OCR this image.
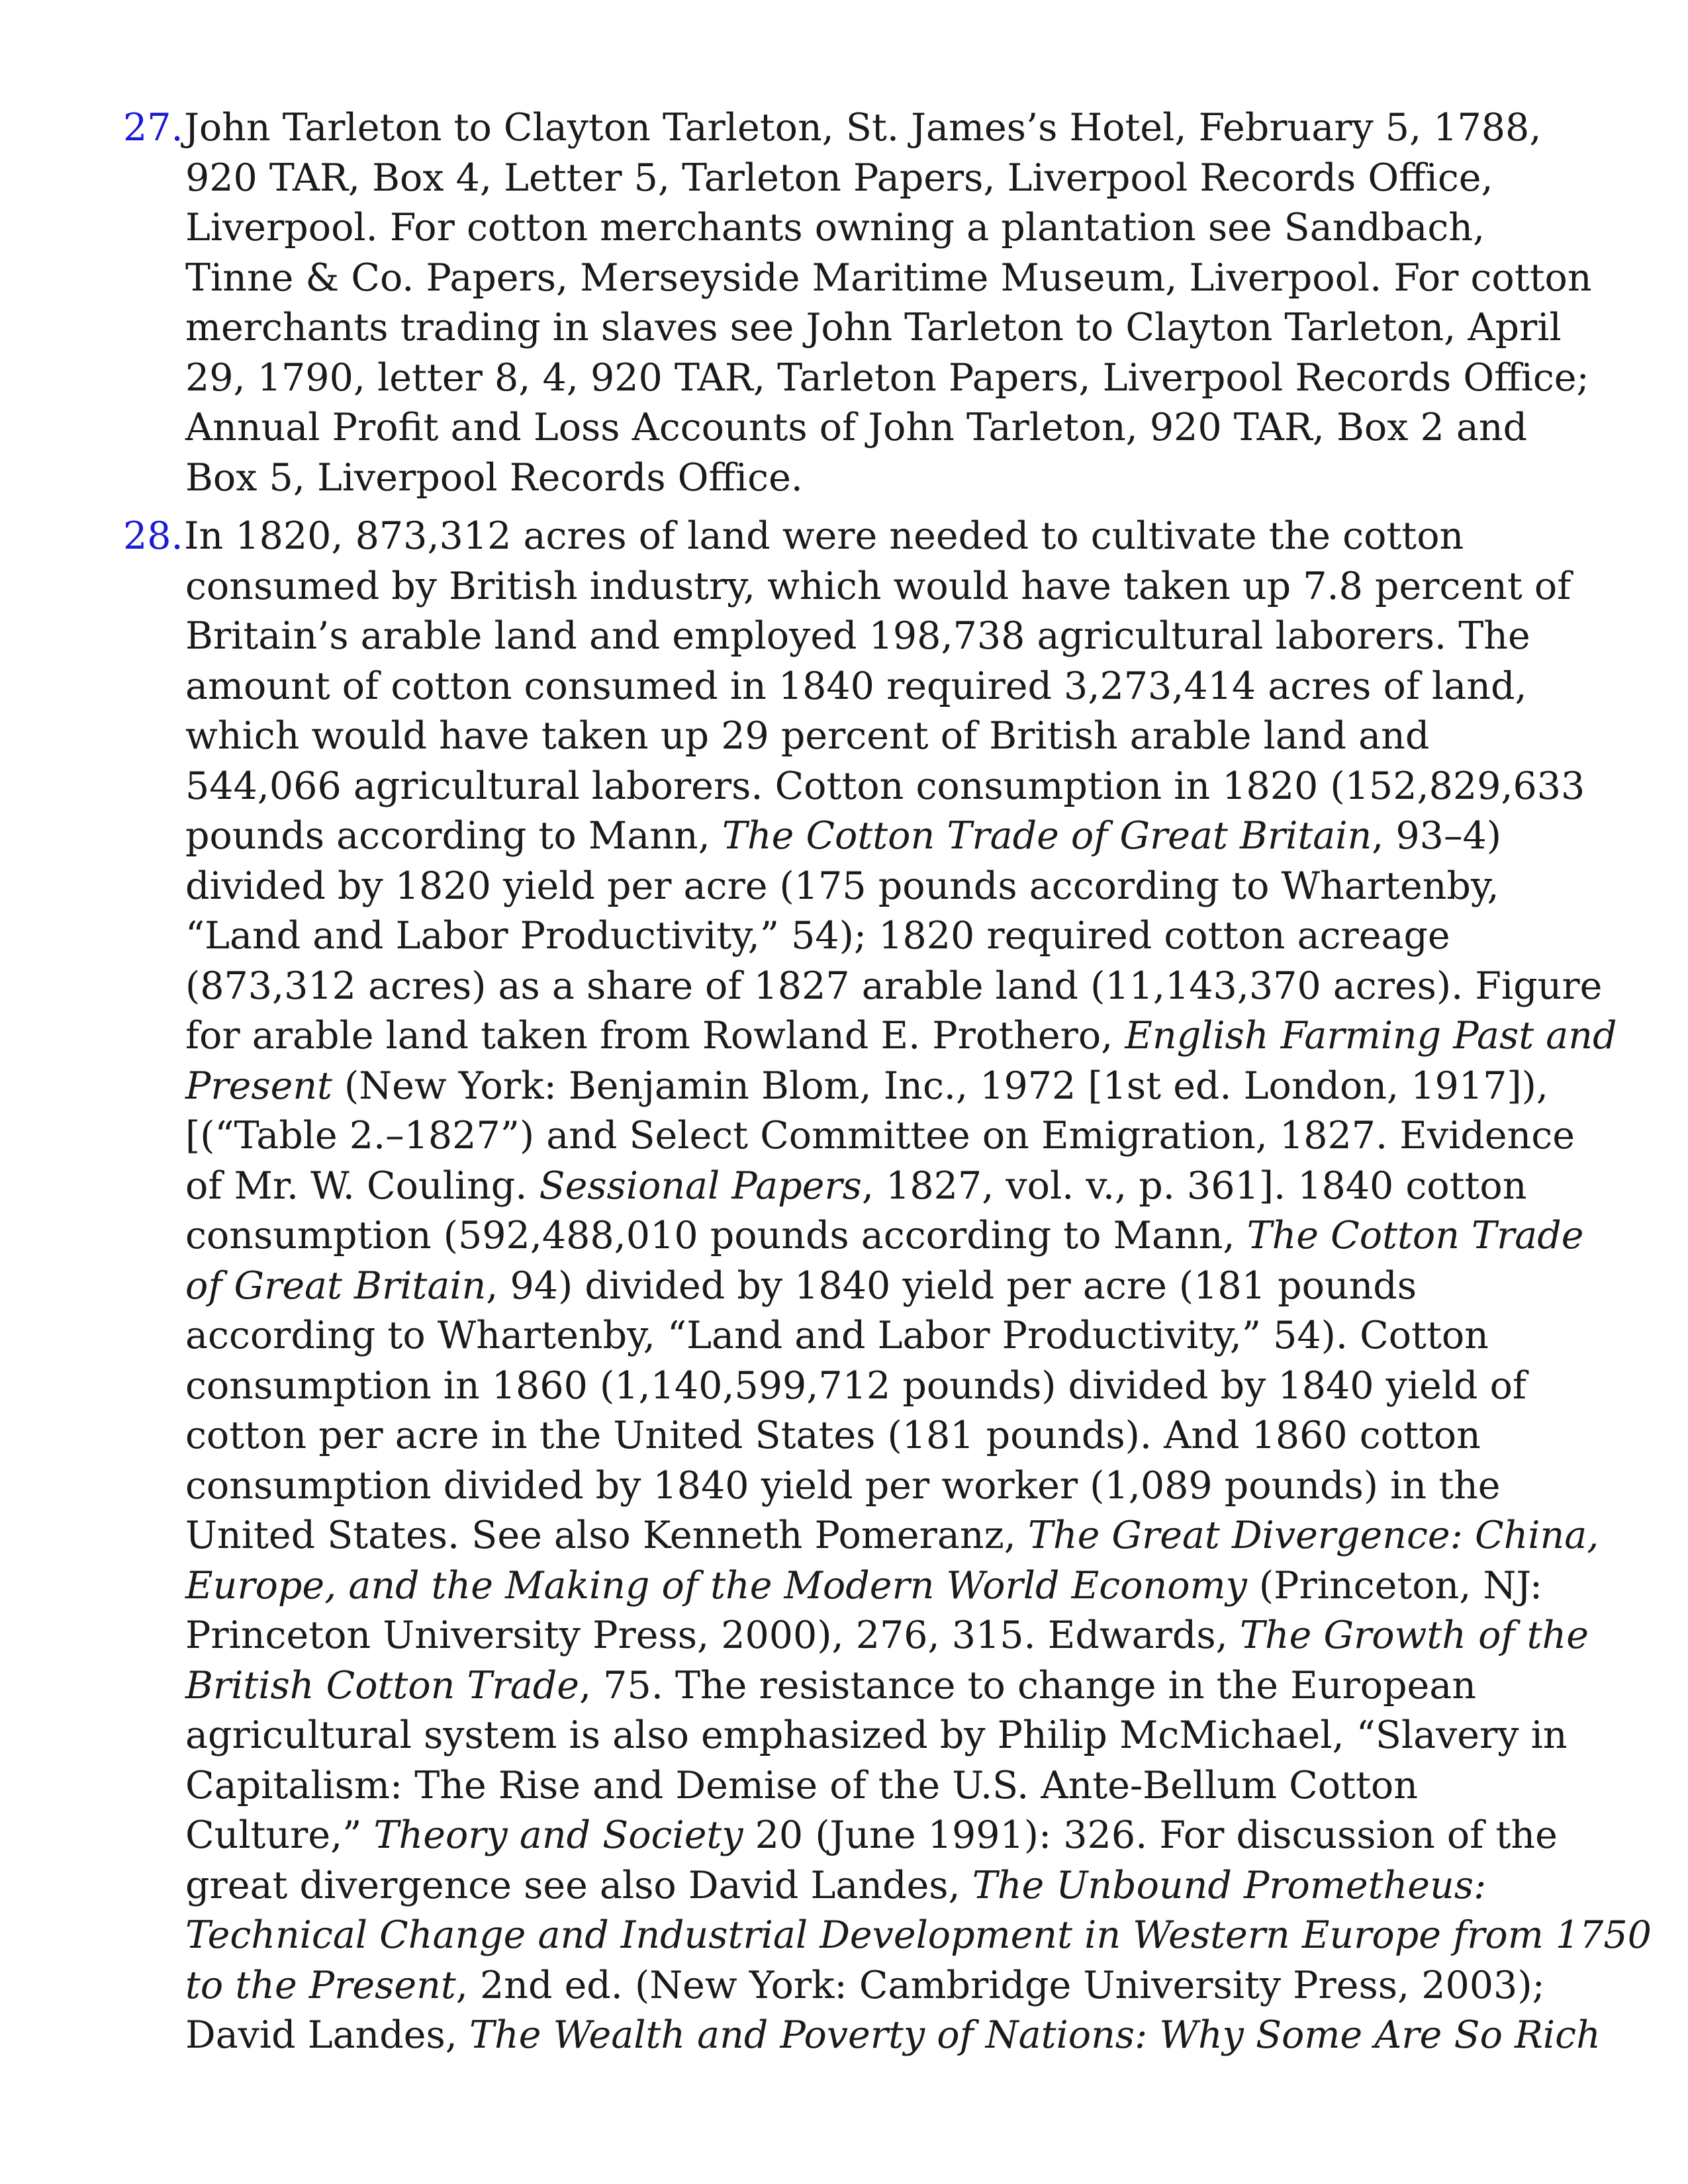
27. John Tarleton to Clayton Tarleton, St. James’s Hotel, February 5, 1788,
920 TAR, Box 4, Letter 5, Tarleton Papers, Liverpool Records Office,
Liverpool. For cotton merchants owning a plantation see Sandbach,
Tinne & Co. Papers, Merseyside Maritime Museum, Liverpool. For cotton
merchants trading in slaves see John Tarleton to Clayton Tarleton, April
29, 1790, letter 8, 4, 920 TAR, Tarleton Papers, Liverpool Records Office;
Annual Profit and Loss Accounts of John Tarleton, 920 TAR, Box 2 and
Box 5, Liverpool Records Office.

28. In 1820, 873,312 acres of land were needed to cultivate the cotton
consumed by British industry, which would have taken up 7.8 percent of
Britain’s arable land and employed 198,738 agricultural laborers. The
amount of cotton consumed in 1840 required 3,273,414 acres of land,
which would have taken up 29 percent of British arable land and
544,066 agricultural laborers. Cotton consumption in 1820 (152,829,633
pounds according to Mann, The Cotton Trade of Great Britain, 93–4)
divided by 1820 yield per acre (175 pounds according to Whartenby,
“Land and Labor Productivity,” 54); 1820 required cotton acreage
(873,312 acres) as a share of 1827 arable land (11,143,370 acres). Figure
for arable land taken from Rowland E. Prothero, English Farming Past and
Present (New York: Benjamin Blom, Inc., 1972 [1st ed. London, 1917]),
[(“Table 2.–1827”) and Select Committee on Emigration, 1827. Evidence
of Mr. W. Couling. Sessional Papers, 1827, vol. v., p. 361]. 1840 cotton
consumption (592,488,010 pounds according to Mann, The Cotton Trade
of Great Britain, 94) divided by 1840 yield per acre (181 pounds
according to Whartenby, “Land and Labor Productivity,” 54). Cotton
consumption in 1860 (1,140,599,712 pounds) divided by 1840 yield of
cotton per acre in the United States (181 pounds). And 1860 cotton
consumption divided by 1840 yield per worker (1,089 pounds) in the
United States. See also Kenneth Pomeranz, The Great Divergence: China,
Europe, and the Making of the Modern World Economy (Princeton, NJ:
Princeton University Press, 2000), 276, 315. Edwards, The Growth of the
British Cotton Trade, 75. The resistance to change in the European
agricultural system is also emphasized by Philip McMichael, “Slavery in
Capitalism: The Rise and Demise of the U.S. Ante-Bellum Cotton
Culture,” Theory and Society 20 (June 1991): 326. For discussion of the
great divergence see also David Landes, The Unbound Prometheus:
Technical Change and Industrial Development in Western Europe from 1750
to the Present, 2nd ed. (New York: Cambridge University Press, 2003);
David Landes, The Wealth and Poverty of Nations: Why Some Are So Rich
